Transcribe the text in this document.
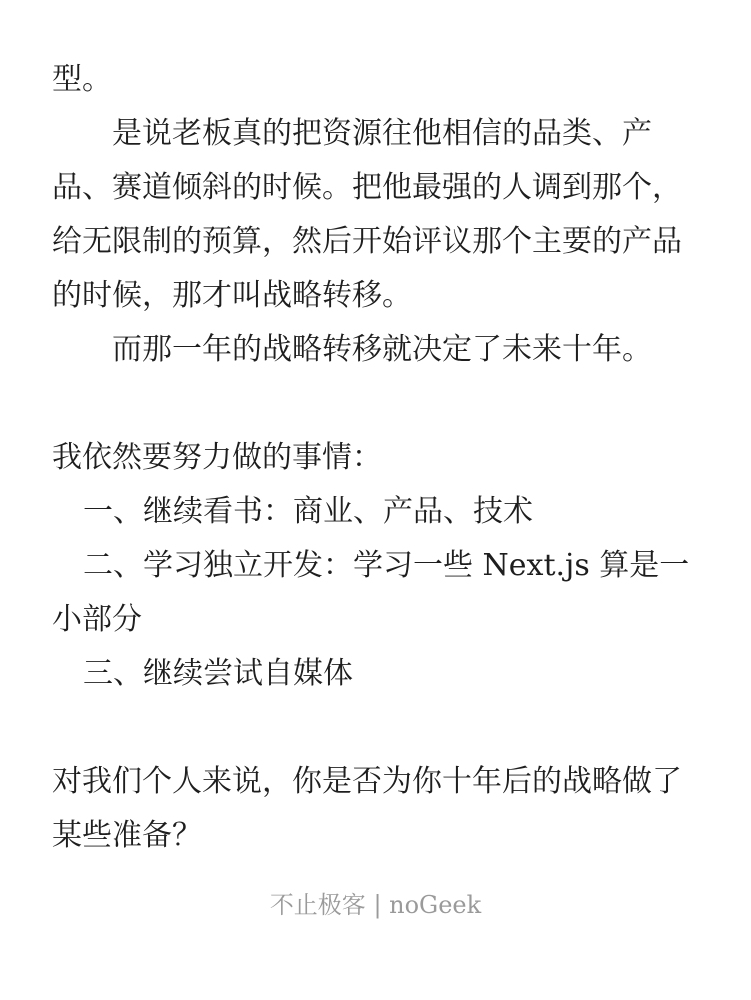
型。
是说老板真的把资源往他相信的品类、产
品、赛道倾斜的时候。把他最强的人调到那个，
给无限制的预算，然后开始评议那个主要的产品
的时候，那才叫战略转移。
而那一年的战略转移就决定了未来十年。
我依然要努力做的事情：
一、继续看书：商业、产品、技术
二、学习独立开发：学习一些 Next.js 算是一
小部分
三、继续尝试自媒体
对我们个人来说，你是否为你十年后的战略做了
某些准备？
不止极客 | noGeek
